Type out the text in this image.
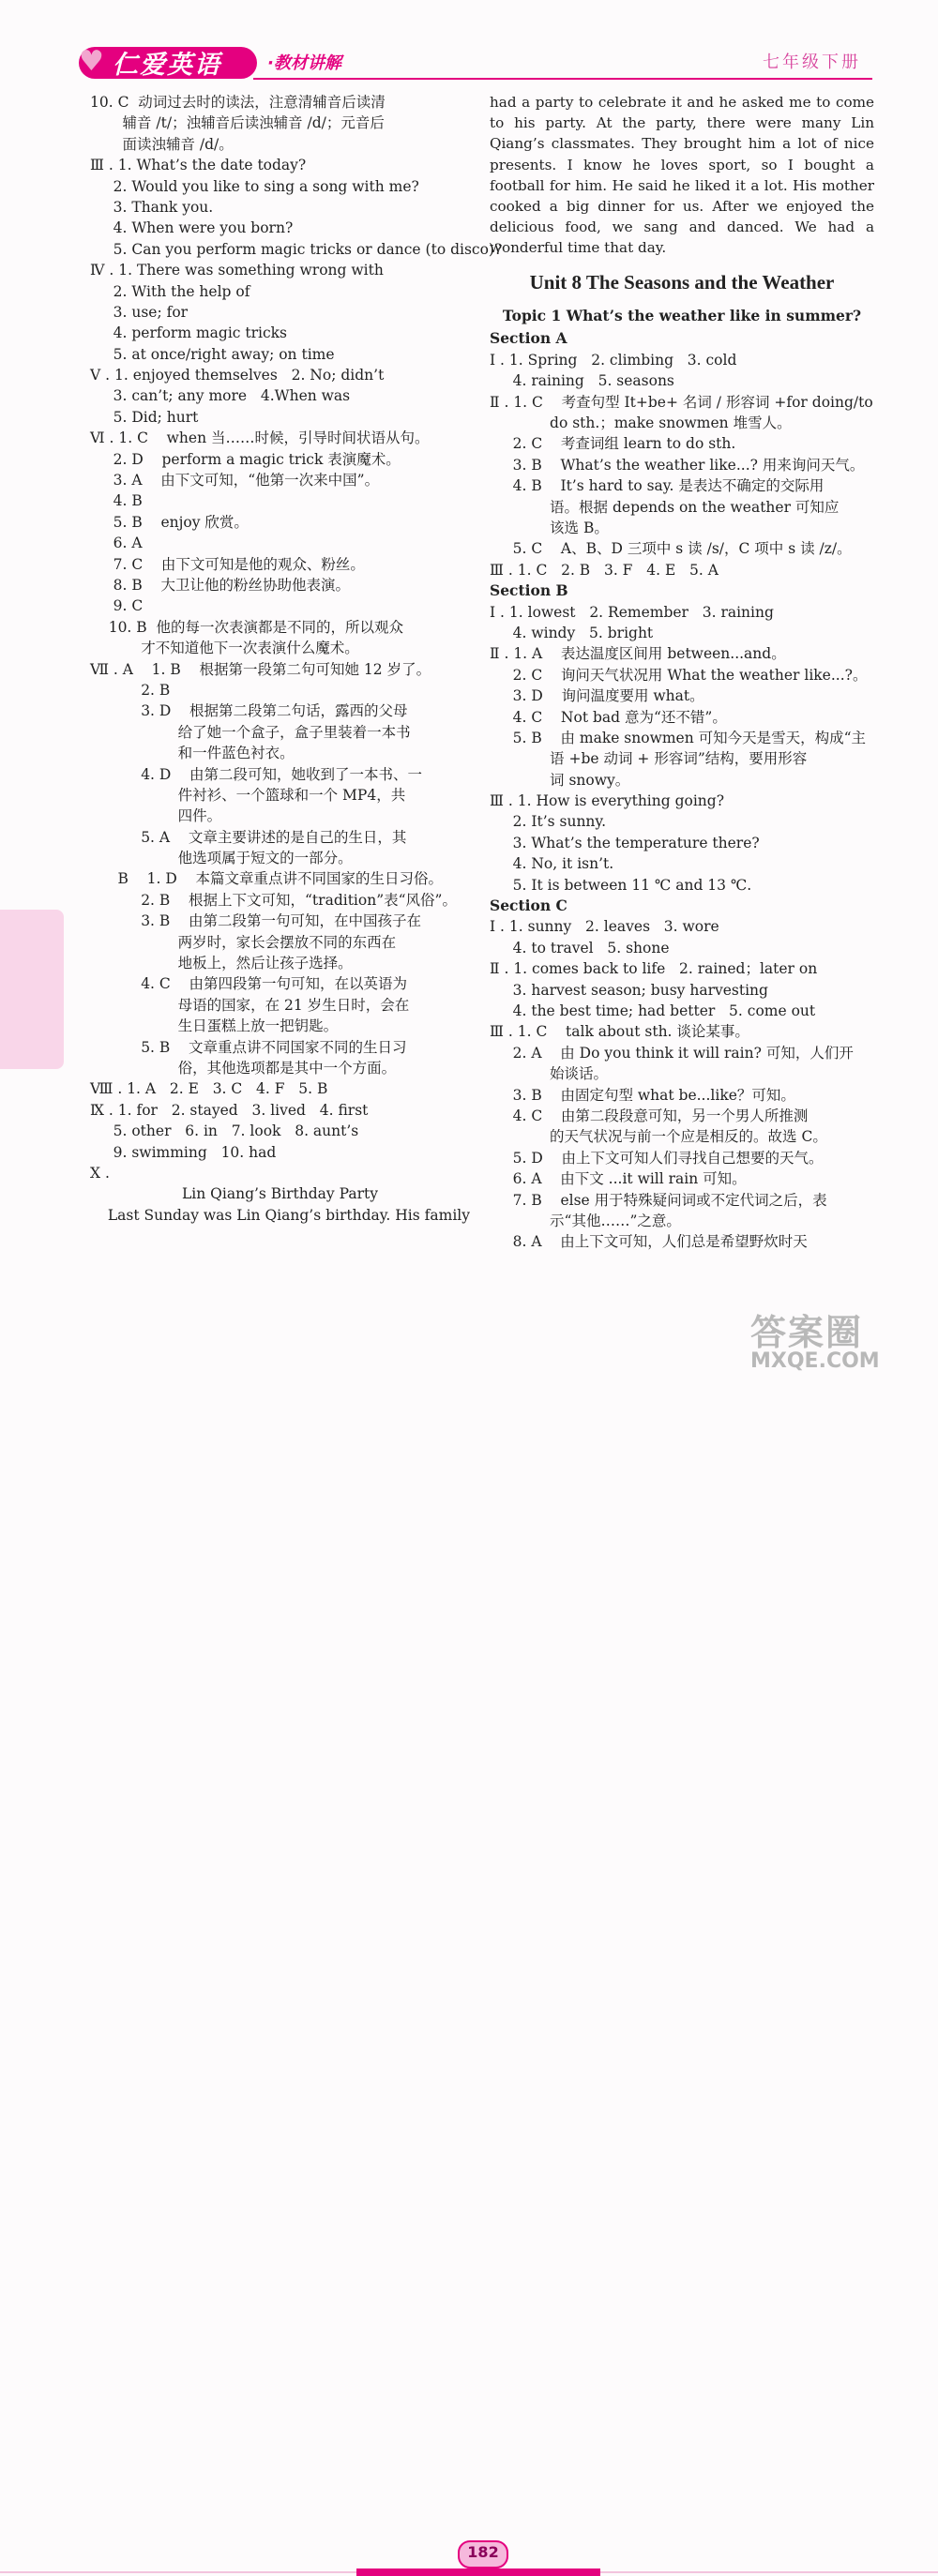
♥ 仁爱英语	·教材讲解	七年级下册
10. C  动词过去时的读法，注意清辅音后读清
辅音 /t/；浊辅音后读浊辅音 /d/；元音后
面读浊辅音 /d/。
Ⅲ . 1. What’s the date today?
2. Would you like to sing a song with me?
3. Thank you.
4. When were you born?
5. Can you perform magic tricks or dance (to disco)?
Ⅳ . 1. There was something wrong with
2. With the help of
3. use; for
4. perform magic tricks
5. at once/right away; on time
Ⅴ . 1. enjoyed themselves   2. No; didn’t
3. can’t; any more   4.When was
5. Did; hurt
Ⅵ . 1. C    when 当……时候，引导时间状语从句。
2. D    perform a magic trick 表演魔术。
3. A    由下文可知，“他第一次来中国”。
4. B
5. B    enjoy 欣赏。
6. A
7. C    由下文可知是他的观众、粉丝。
8. B    大卫让他的粉丝协助他表演。
9. C
10. B  他的每一次表演都是不同的，所以观众
才不知道他下一次表演什么魔术。
Ⅶ . A    1. B    根据第一段第二句可知她 12 岁了。
2. B
3. D    根据第二段第二句话，露西的父母
给了她一个盒子，盒子里装着一本书
和一件蓝色衬衣。
4. D    由第二段可知，她收到了一本书、一
件衬衫、一个篮球和一个 MP4，共
四件。
5. A    文章主要讲述的是自己的生日，其
他选项属于短文的一部分。
B    1. D    本篇文章重点讲不同国家的生日习俗。
2. B    根据上下文可知，“tradition”表“风俗”。
3. B    由第二段第一句可知，在中国孩子在
两岁时，家长会摆放不同的东西在
地板上，然后让孩子选择。
4. C    由第四段第一句可知，在以英语为
母语的国家，在 21 岁生日时，会在
生日蛋糕上放一把钥匙。
5. B    文章重点讲不同国家不同的生日习
俗，其他选项都是其中一个方面。
Ⅷ . 1. A   2. E   3. C   4. F   5. B
Ⅸ . 1. for   2. stayed   3. lived   4. first
5. other   6. in   7. look   8. aunt’s
9. swimming   10. had
Ⅹ .
Lin Qiang’s Birthday Party
Last Sunday was Lin Qiang’s birthday. His family
had a party to celebrate it and he asked me to come to his party. At the party, there were many Lin Qiang’s classmates. They brought him a lot of nice presents. I know he loves sport, so I bought a football for him. He said he liked it a lot. His mother cooked a big dinner for us. After we enjoyed the delicious food, we sang and danced. We had a wonderful time that day.
Unit 8 The Seasons and the Weather
Topic 1 What’s the weather like in summer?
Section A
Ⅰ . 1. Spring   2. climbing   3. cold
4. raining   5. seasons
Ⅱ . 1. C    考查句型 It+be+ 名词 / 形容词 +for doing/to
do sth.；make snowmen 堆雪人。
2. C    考查词组 learn to do sth.
3. B    What’s the weather like...? 用来询问天气。
4. B    It’s hard to say. 是表达不确定的交际用
语。根据 depends on the weather 可知应
该选 B。
5. C    A、B、D 三项中 s 读 /s/，C 项中 s 读 /z/。
Ⅲ . 1. C   2. B   3. F   4. E   5. A
Section B
Ⅰ . 1. lowest   2. Remember   3. raining
4. windy   5. bright
Ⅱ . 1. A    表达温度区间用 between...and。
2. C    询问天气状况用 What the weather like...?。
3. D    询问温度要用 what。
4. C    Not bad 意为“还不错”。
5. B    由 make snowmen 可知今天是雪天，构成“主
语 +be 动词 + 形容词”结构，要用形容
词 snowy。
Ⅲ . 1. How is everything going?
2. It’s sunny.
3. What’s the temperature there?
4. No, it isn’t.
5. It is between 11 ℃ and 13 ℃.
Section C
Ⅰ . 1. sunny   2. leaves   3. wore
4. to travel   5. shone
Ⅱ . 1. comes back to life   2. rained；later on
3. harvest season; busy harvesting
4. the best time; had better   5. come out
Ⅲ . 1. C    talk about sth. 谈论某事。
2. A    由 Do you think it will rain? 可知，人们开
始谈话。
3. B    由固定句型 what be...like？可知。
4. C    由第二段段意可知，另一个男人所推测
的天气状况与前一个应是相反的。故选 C。
5. D    由上下文可知人们寻找自己想要的天气。
6. A    由下文 ...it will rain 可知。
7. B    else 用于特殊疑问词或不定代词之后，表
示“其他……”之意。
8. A    由上下文可知，人们总是希望野炊时天
182
答案圈
MXQE.COM
